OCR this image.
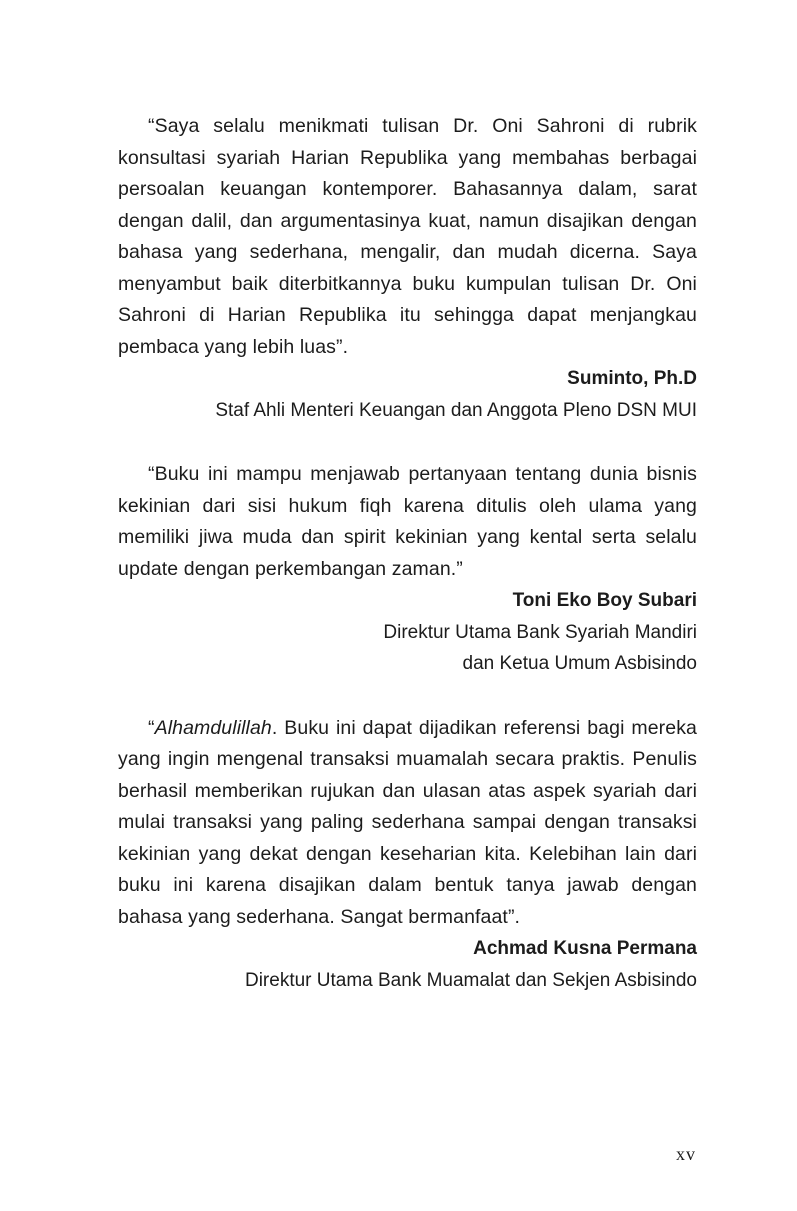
“Saya selalu menikmati tulisan Dr. Oni Sahroni di rubrik konsultasi syariah Harian Republika yang membahas berbagai persoalan keuangan kontemporer. Bahasannya dalam, sarat dengan dalil, dan argumentasinya kuat, namun disajikan dengan bahasa yang sederhana, mengalir, dan mudah dicerna. Saya menyambut baik diterbitkannya buku kumpulan tulisan Dr. Oni Sahroni di Harian Republika itu sehingga dapat menjangkau pembaca yang lebih luas”.

Suminto, Ph.D
Staf Ahli Menteri Keuangan dan Anggota Pleno DSN MUI

“Buku ini mampu menjawab pertanyaan tentang dunia bisnis kekinian dari sisi hukum fiqh karena ditulis oleh ulama yang memiliki jiwa muda dan spirit kekinian yang kental serta selalu update dengan perkembangan zaman.”

Toni Eko Boy Subari
Direktur Utama Bank Syariah Mandiri
dan Ketua Umum Asbisindo

“Alhamdulillah. Buku ini dapat dijadikan referensi bagi mereka yang ingin mengenal transaksi muamalah secara praktis. Penulis berhasil memberikan rujukan dan ulasan atas aspek syariah dari mulai transaksi yang paling sederhana sampai dengan transaksi kekinian yang dekat dengan keseharian kita. Kelebihan lain dari buku ini karena disajikan dalam bentuk tanya jawab dengan bahasa yang sederhana. Sangat bermanfaat”.

Achmad Kusna Permana
Direktur Utama Bank Muamalat dan Sekjen Asbisindo
xv
